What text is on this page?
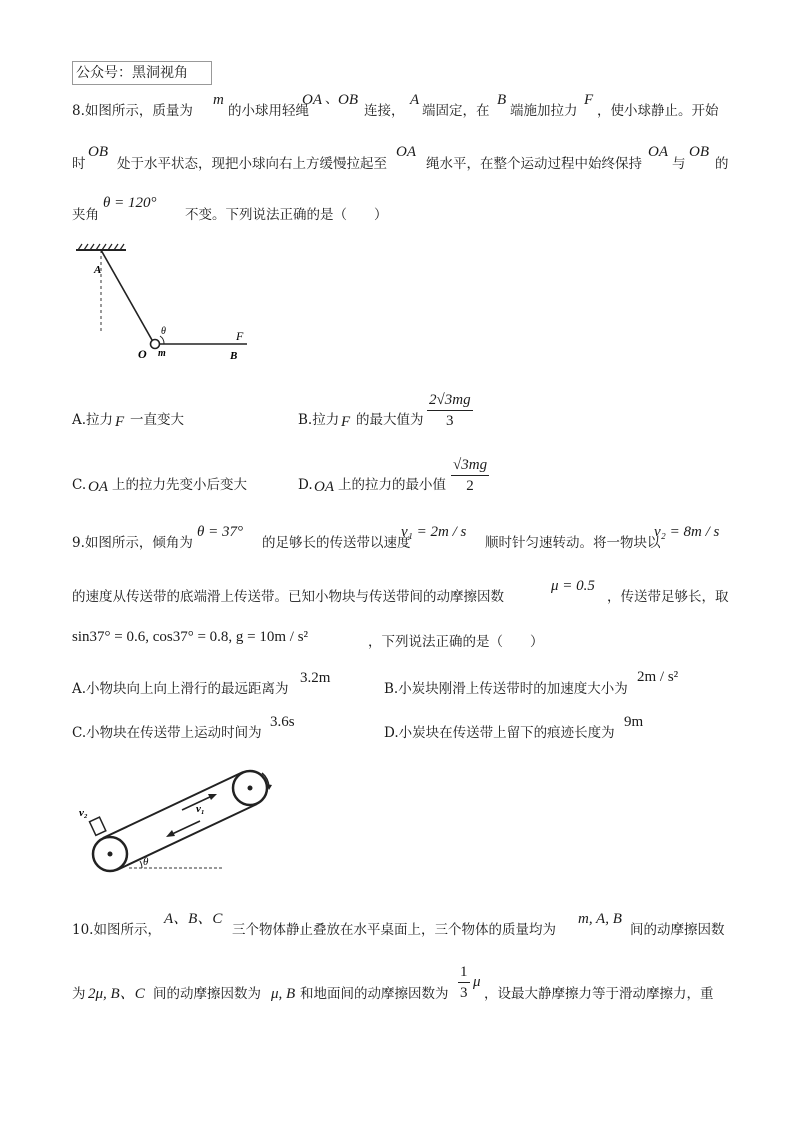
公众号：黑洞视角
8.如图所示，质量为
m
的小球用轻绳
OA 、 OB
连接，
A
端固定，在
B
端施加拉力
F
，使小球静止。开始
时
OB
处于水平状态，现把小球向右上方缓慢拉起至
OA
绳水平，在整个运动过程中始终保持
OA
与
OB
的
夹角
θ = 120°
不变。下列说法正确的是（　　）
A
O m
θ	F
B
A.拉力 F 一直变大	B.拉力 F 的最大值为 $\frac{2√3mg}{3}$
C. OA 上的拉力先变小后变大	D. OA 上的拉力的最小值 $\frac{√3mg}{2}$
9.如图所示，倾角为
θ = 37°
的足够长的传送带以速度
v₁ = 2m / s
顺时针匀速转动。将一物块以
v₂ = 8m / s
的速度从传送带的底端滑上传送带。已知小物块与传送带间的动摩擦因数
μ = 0.5
，传送带足够长，取
sin37° = 0.6, cos37° = 0.8, g = 10m / s²	，下列说法正确的是（　　）
A.小物块向上向上滑行的最远距离为
3.2m
B.小炭块刚滑上传送带时的加速度大小为
2m / s²
C.小物块在传送带上运动时间为
3.6s
D.小炭块在传送带上留下的痕迹长度为
9m
v₂	v₁
θ
10.如图所示，
A、B、C
三个物体静止叠放在水平桌面上，三个物体的质量均为
m, A, B
间的动摩擦因数
为 2μ, B、C 间的动摩擦因数为 μ, B 和地面间的动摩擦因数为 $\frac{1}{3}$ μ
，设最大静摩擦力等于滑动摩擦力，重
